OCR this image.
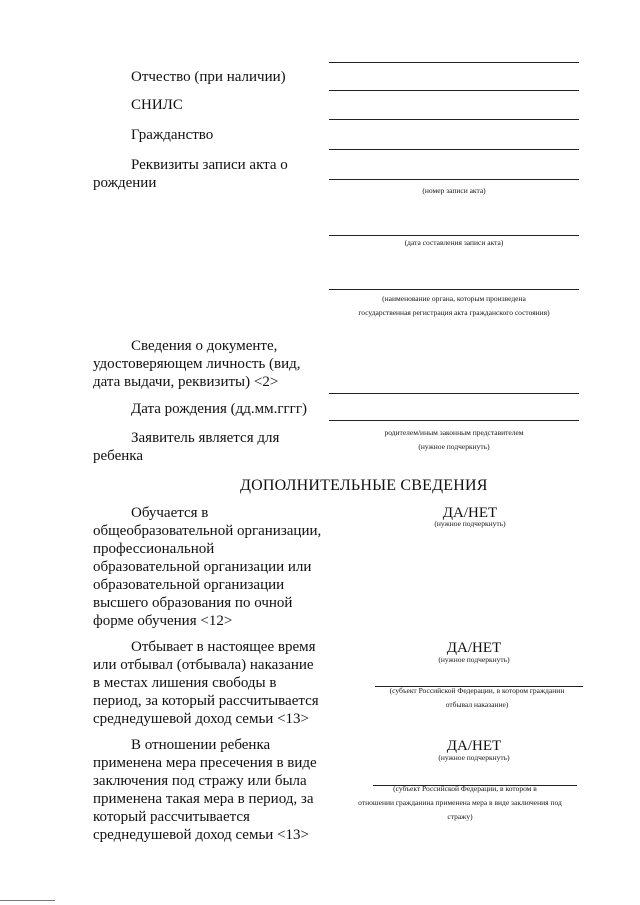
Отчество (при наличии)
СНИЛС
Гражданство
Реквизиты записи акта о
рождении	(номер записи акта)
(дата составления записи акта)
(наименование органа, которым произведена
государственная регистрация акта гражданского состояния)
Сведения о документе,
удостоверяющем личность (вид,
дата выдачи, реквизиты) <2>
Дата рождения (дд.мм.гггг)
Заявитель является для
ребенка
родителем/иным законным представителем
(нужное подчеркнуть)
ДОПОЛНИТЕЛЬНЫЕ СВЕДЕНИЯ
Обучается в
общеобразовательной организации,
профессиональной
образовательной организации или
образовательной организации
высшего образования по очной
форме обучения <12>
ДА/НЕТ
(нужное подчеркнуть)
Отбывает в настоящее время
или отбывал (отбывала) наказание
в местах лишения свободы в
период, за который рассчитывается
среднедушевой доход семьи <13>
ДА/НЕТ
(нужное подчеркнуть)
(субъект Российской Федерации, в котором гражданин
отбывал наказание)
В отношении ребенка
применена мера пресечения в виде
заключения под стражу или была
применена такая мера в период, за
который рассчитывается
среднедушевой доход семьи <13>
ДА/НЕТ
(нужное подчеркнуть)
(субъект Российской Федерации, в котором в
отношении гражданина применена мера в виде заключения под
стражу)
